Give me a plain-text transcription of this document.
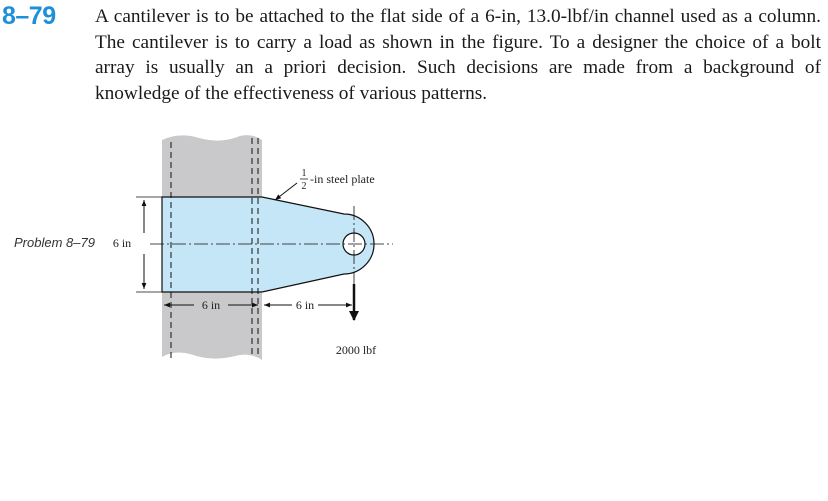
8–79 A cantilever is to be attached to the flat side of a 6-in, 13.0-lbf/in channel used as a column. The cantilever is to carry a load as shown in the figure. To a designer the choice of a bolt array is usually an a priori decision. Such decisions are made from a background of knowledge of the effectiveness of various patterns.
Problem 8–79
1
2
-in steel plate
6 in
6 in	6 in
2000 lbf
